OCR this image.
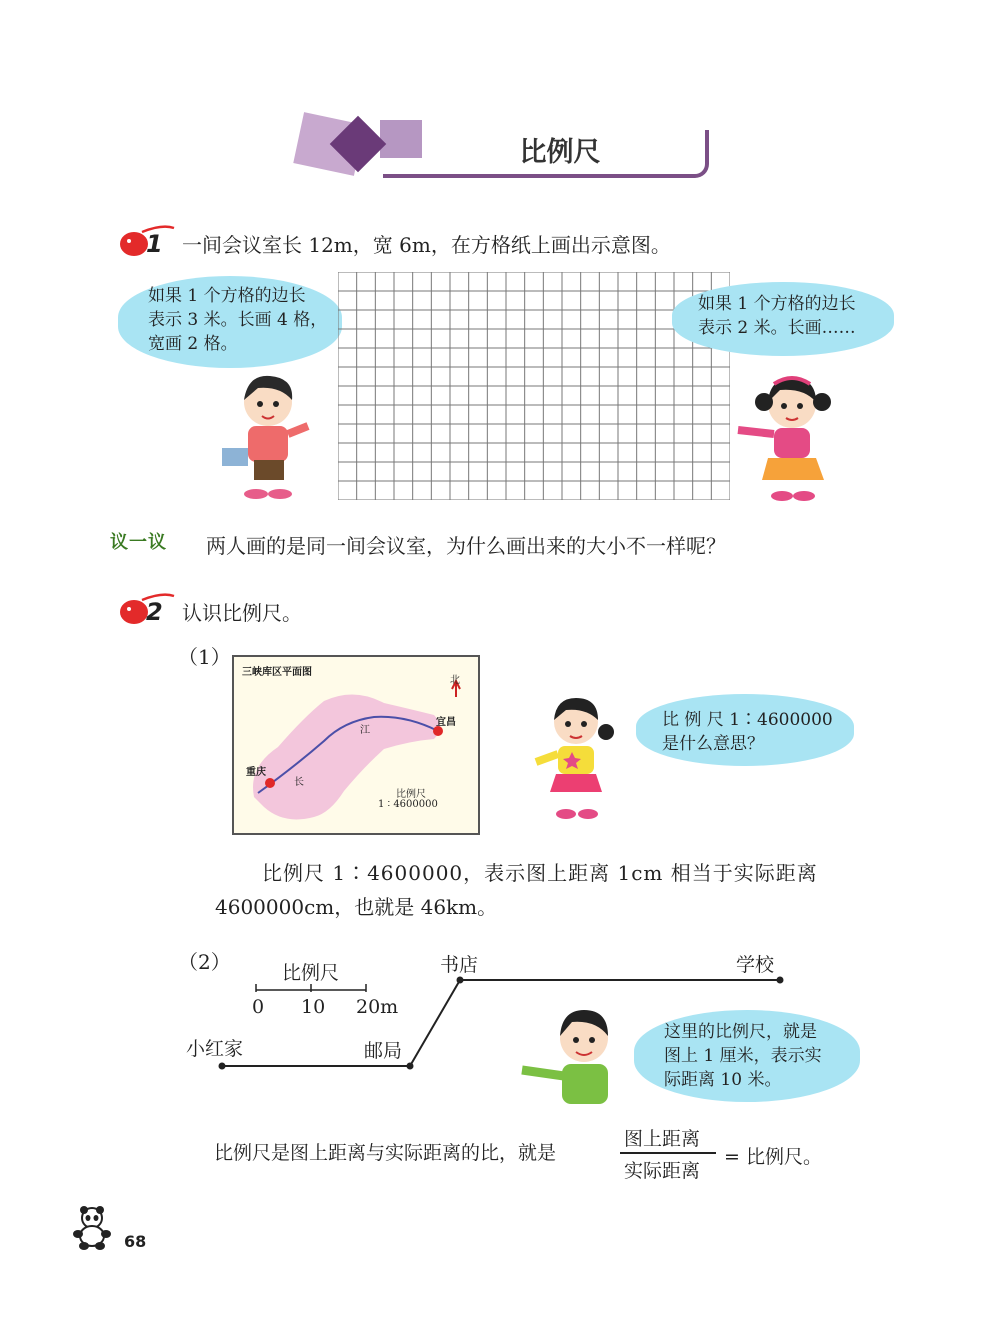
比例尺
1 一间会议室长 12m，宽 6m，在方格纸上画出示意图。
如果 1 个方格的边长
表示 3 米。长画 4 格，
宽画 2 格。
如果 1 个方格的边长
表示 2 米。长画……
议一议 两人画的是同一间会议室，为什么画出来的大小不一样呢？
2 认识比例尺。
（1）
三峡库区平面图
北
重庆
宜昌
长
江
比例尺
1 ∶ 4600000
比 例 尺 1∶4600000
是什么意思？
比例尺 1∶4600000，表示图上距离 1cm 相当于实际距离
4600000cm，也就是 46km。
（2）	比例尺
0 10 20m
小红家	邮局
书店	学校
这里的比例尺，就是
图上 1 厘米，表示实
际距离 10 米。
比例尺是图上距离与实际距离的比，就是
图上距离
实际距离
= 比例尺。
68
